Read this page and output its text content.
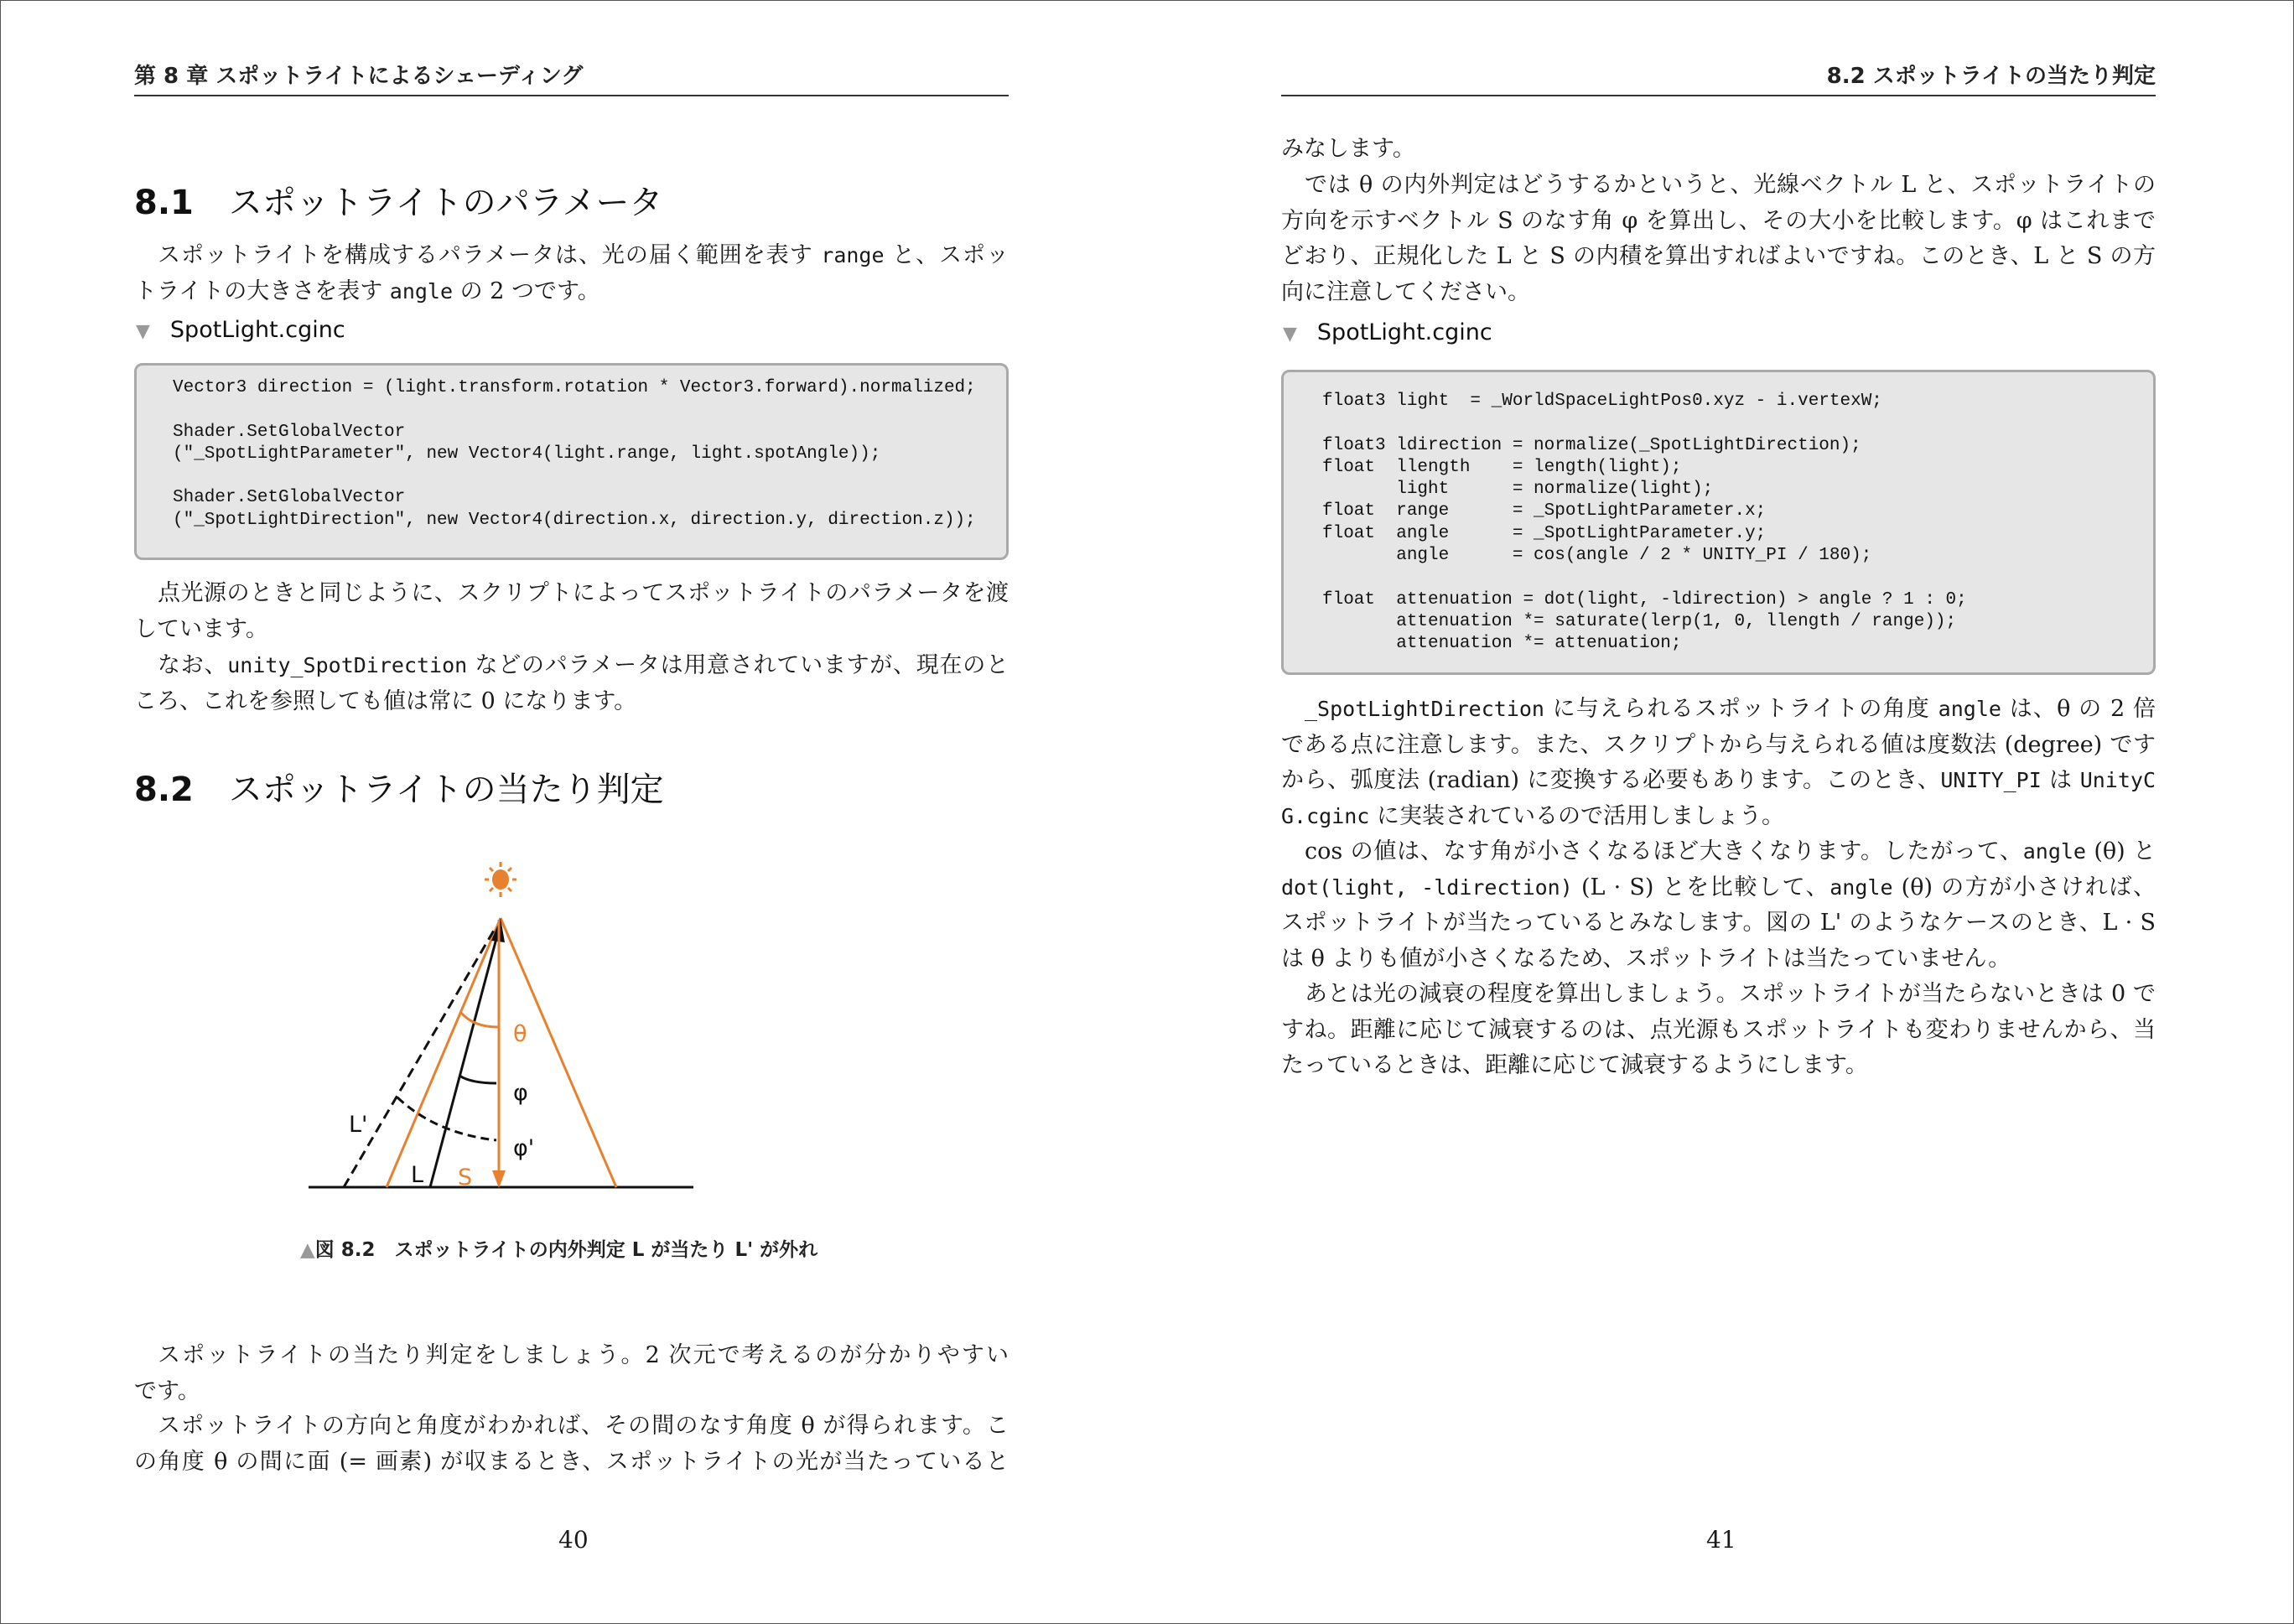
第 8 章 スポットライトによるシェーディング
8.1 スポットライトのパラメータ
スポットライトを構成するパラメータは、光の届く範囲を表す range と、スポッ
トライトの大きさを表す angle の 2 つです。
▼ SpotLight.cginc
Vector3 direction = (light.transform.rotation * Vector3.forward).normalized;

Shader.SetGlobalVector
("_SpotLightParameter", new Vector4(light.range, light.spotAngle));

Shader.SetGlobalVector
("_SpotLightDirection", new Vector4(direction.x, direction.y, direction.z));
点光源のときと同じように、スクリプトによってスポットライトのパラメータを渡
しています。
なお、unity_SpotDirection などのパラメータは用意されていますが、現在のと
ころ、これを参照しても値は常に 0 になります。
8.2 スポットライトの当たり判定
θ
φ
φ'
L'
L S
▲図 8.2　スポットライトの内外判定 L が当たり L' が外れ
スポットライトの当たり判定をしましょう。2 次元で考えるのが分かりやすい
です。
スポットライトの方向と角度がわかれば、その間のなす角度 θ が得られます。こ
の角度 θ の間に面 (= 画素) が収まるとき、スポットライトの光が当たっていると
40
8.2 スポットライトの当たり判定
みなします。
では θ の内外判定はどうするかというと、光線ベクトル L と、スポットライトの
方向を示すベクトル S のなす角 φ を算出し、その大小を比較します。φ はこれまで
どおり、正規化した L と S の内積を算出すればよいですね。このとき、L と S の方
向に注意してください。
▼ SpotLight.cginc
float3 light  = _WorldSpaceLightPos0.xyz - i.vertexW;

float3 ldirection = normalize(_SpotLightDirection);
float  llength    = length(light);
light      = normalize(light);
float  range      = _SpotLightParameter.x;
float  angle      = _SpotLightParameter.y;
angle      = cos(angle / 2 * UNITY_PI / 180);

float  attenuation = dot(light, -ldirection) > angle ? 1 : 0;
attenuation *= saturate(lerp(1, 0, llength / range));
attenuation *= attenuation;
_SpotLightDirection に与えられるスポットライトの角度 angle は、θ の 2 倍
である点に注意します。また、スクリプトから与えられる値は度数法 (degree) です
から、弧度法 (radian) に変換する必要もあります。このとき、UNITY_PI は UnityC
G.cginc に実装されているので活用しましょう。
cos の値は、なす角が小さくなるほど大きくなります。したがって、angle (θ) と
dot(light, -ldirection) (L · S) とを比較して、angle (θ) の方が小さければ、
スポットライトが当たっているとみなします。図の L' のようなケースのとき、L · S
は θ よりも値が小さくなるため、スポットライトは当たっていません。
あとは光の減衰の程度を算出しましょう。スポットライトが当たらないときは 0 で
すね。距離に応じて減衰するのは、点光源もスポットライトも変わりませんから、当
たっているときは、距離に応じて減衰するようにします。
41
